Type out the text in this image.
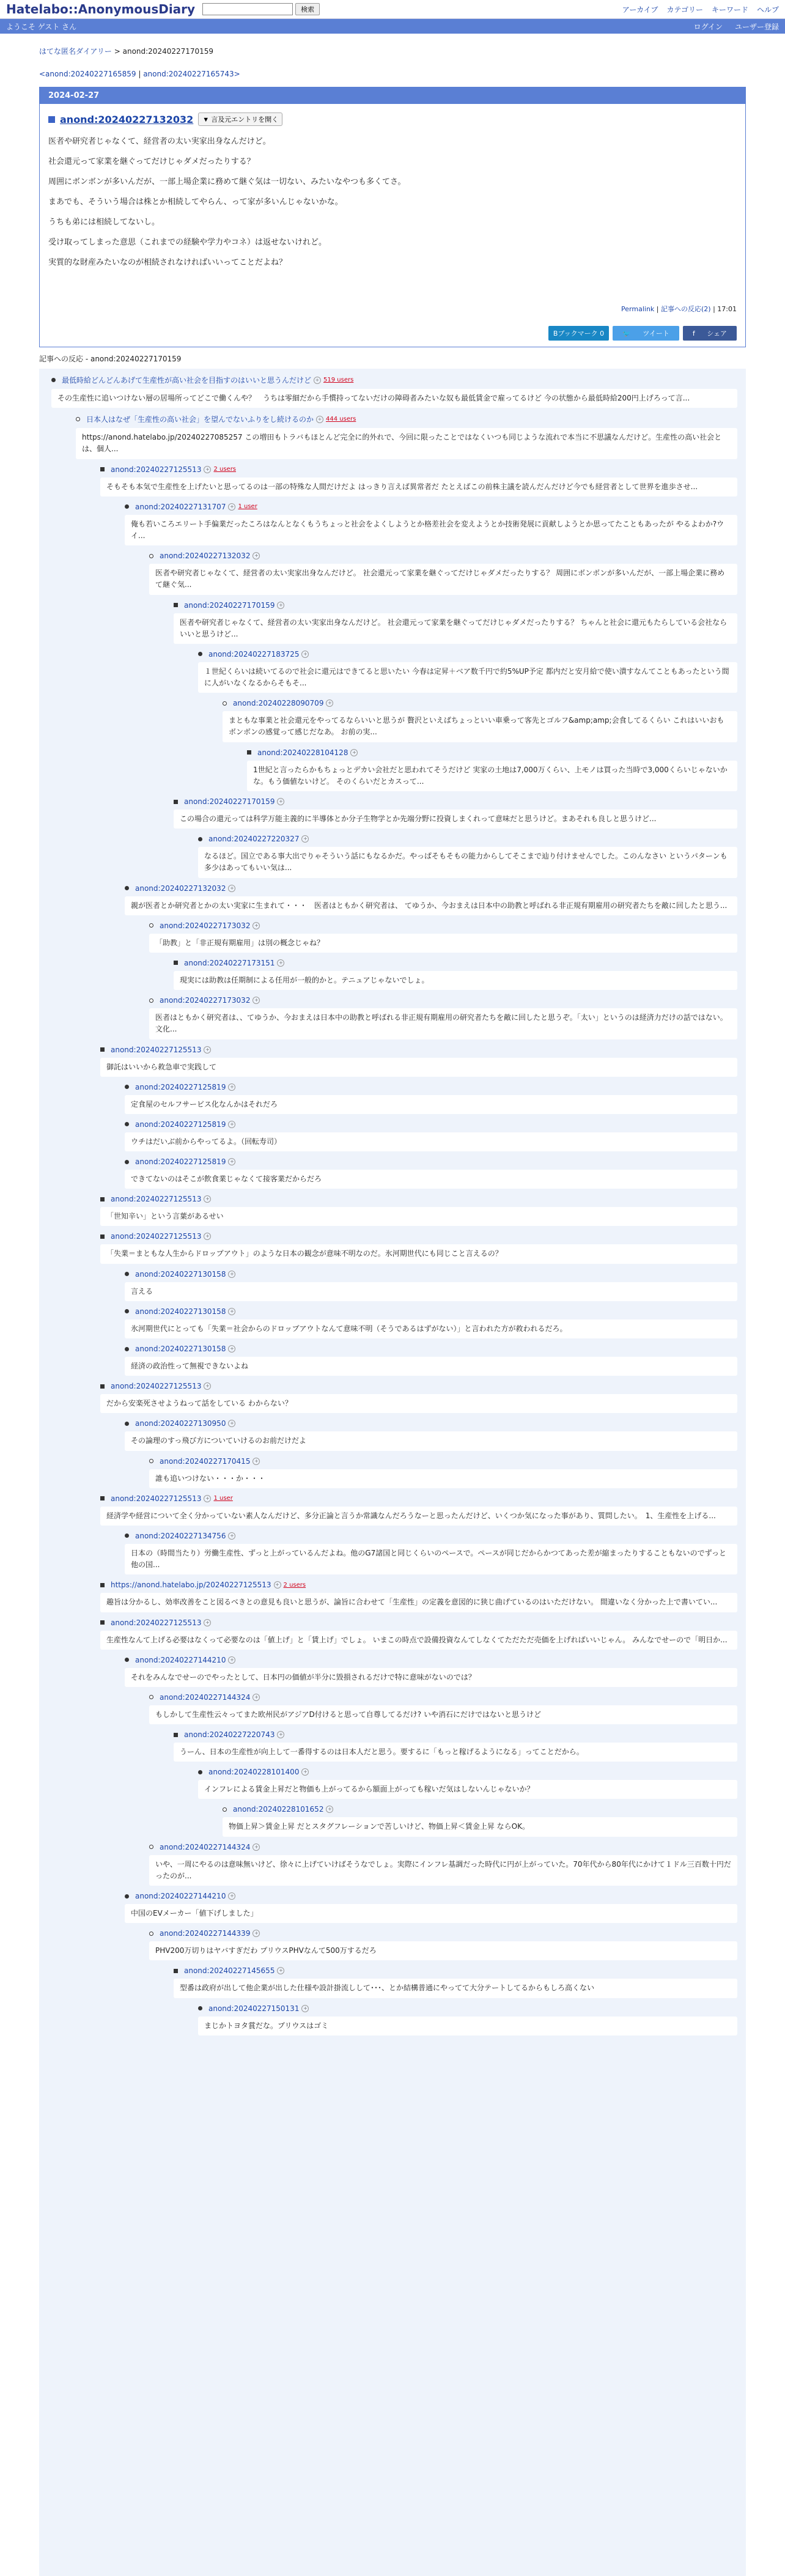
Hatelabo::AnonymousDiary	検索	アーカイブ カテゴリー キーワード ヘルプ
ようこそ ゲスト さん	ログイン ユーザー登録
はてな匿名ダイアリー > anond:20240227170159
<anond:20240227165859 | anond:20240227165743>
2024-02-27
anond:20240227132032	▼ 言及元エントリを開く

医者や研究者じゃなくて、経営者の太い実家出身なんだけど。

社会還元って家業を継ぐってだけじゃダメだったりする？

周囲にボンボンが多いんだが、一部上場企業に務めて継ぐ気は一切ない、みたいなやつも多くてさ。

まあでも、そういう場合は株とか相続してやらん、って家が多いんじゃないかな。

うちも弟には相続してないし。

受け取ってしまった意思（これまでの経験や学力やコネ）は返せないけれど。

実質的な財産みたいなのが相続されなければいいってことだよね？

Permalink | 記事への反応(2) | 17:01
Bブックマーク 0	🐦 ツイート	f シェア
記事への反応 - anond:20240227170159
最低時給どんどんあげて生産性が高い社会を目指すのはいいと思うんだけど + 519 users
その生産性に追いつけない層の居場所ってどこで働くんや？　うちは零細だから手慣持ってないだけの障碍者みたいな奴も最低賃金で雇ってるけど 今の状態から最低時給200円上げろって言...
日本人はなぜ「生産性の高い社会」を望んでないふりをし続けるのか + 444 users
https://anond.hatelabo.jp/20240227085257 この増田もトラバもほとんど完全に的外れで、今回に限ったことではなくいつも同じような流れで本当に不思議なんだけど。生産性の高い社会とは、個人...
anond:20240227125513 + 2 users
そもそも本気で生産性を上げたいと思ってるのは一部の特殊な人間だけだよ はっきり言えば異常者だ たとえばこの前株主議を読んだんだけど今でも経営者として世界を進歩させ...
anond:20240227131707 + 1 user
俺も若いころエリート手偏業だったころはなんとなくもうちょっと社会をよくしようとか格差社会を変えようとか技術発展に貢献しようとか思ってたこともあったが やるよわか?ウイ...
anond:20240227132032 +
医者や研究者じゃなくて、経営者の太い実家出身なんだけど。 社会還元って家業を継ぐってだけじゃダメだったりする？ 周囲にボンボンが多いんだが、一部上場企業に務めて継ぐ気...
anond:20240227170159 +
医者や研究者じゃなくて、経営者の太い実家出身なんだけど。 社会還元って家業を継ぐってだけじゃダメだったりする？ ちゃんと社会に還元もたらしている会社ならいいと思うけど...
anond:20240227183725 +
１世紀くらいは続いてるので社会に還元はできてると思いたい 今春は定昇＋ベア数千円で約5%UP予定 都内だと安月給で使い潰すなんてこともあったという間に人がいなくなるからそもそ...
anond:20240228090709 +
まともな事業と社会還元をやってるならいいと思うが 贅沢といえばちょっといい車乗って客先とゴルフ&amp;amp;会食してるくらい これはいいおもボンボンの感覚って感じだなあ。 お前の実...
anond:20240228104128 +
1世紀と言ったらかもちょっとデカい会社だと思われてそうだけど 実家の土地は7,000万くらい、上モノは買った当時で3,000くらいじゃないかな。もう価値ないけど。 そのくらいだとカスって...
anond:20240227170159 +
この場合の還元っては科学万能主義的に半導体とか分子生物学とか先端分野に投資しまくれって意味だと思うけど。まあそれも良しと思うけど...
anond:20240227220327 +
なるほど。国立である事大出でりゃそういう話にもなるかだ。やっぱそもそもの能力からしてそこまで辿り付けませんでした。このんなさい というパターンも多少はあってもいい気は...
anond:20240227132032 +
親が医者とか研究者とかの太い実家に生まれて・・・　医者はともかく研究者は、 てゆうか、今おまえは日本中の助教と呼ばれる非正規有期雇用の研究者たちを敵に回したと思う...
anond:20240227173032 +
「助教」と「非正規有期雇用」は別の概念じゃね？
anond:20240227173151 +
現実には助教は任期制による任用が一般的かと。テニュアじゃないでしょ。
anond:20240227173032 +
医者はともかく研究者は、、てゆうか、今おまえは日本中の助教と呼ばれる非正規有期雇用の研究者たちを敵に回したと思うぞ。「太い」というのは経済力だけの話ではない。文化...
anond:20240227125513 +
御託はいいから救急車で実践して
anond:20240227125819 +
定食屋のセルフサービス化なんかはそれだろ
anond:20240227125819 +
ウチはだいぶ前からやってるよ。（回転寿司）
anond:20240227125819 +
できてないのはそこが飲食業じゃなくて接客業だからだろ
anond:20240227125513 +
「世知辛い」という言葉があるせい
anond:20240227125513 +
「失業＝まともな人生からドロップアウト」のような日本の観念が意味不明なのだ。氷河期世代にも同じこと言えるの？
anond:20240227130158 +
言える
anond:20240227130158 +
氷河期世代にとっても「失業＝社会からのドロップアウトなんて意味不明（そうであるはずがない）」と言われた方が救われるだろ。
anond:20240227130158 +
経済の政治性って無視できないよね
anond:20240227125513 +
だから安楽死させようねって話をしている わからない？
anond:20240227130950 +
その論理のすっ飛び方についていけるのお前だけだよ
anond:20240227170415 +
誰も追いつけない・・・か・・・
anond:20240227125513 + 1 user
経済学や経営について全く分かっていない素人なんだけど、多分正論と言うか常識なんだろうなーと思ったんだけど、いくつか気になった事があり、質問したい。　1、生産性を上げる...
anond:20240227134756 +
日本の（時間当たり）労働生産性、ずっと上がっているんだよね。他のG7諸国と同じくらいのペースで。ペースが同じだからかつてあった差が縮まったりすることもないのでずっと他の国...
https://anond.hatelabo.jp/20240227125513 + 2 users
趣旨は分かるし、効率改善をこと図るべきとの意見も良いと思うが、論旨に合わせて「生産性」の定義を意図的に狭じ曲げているのはいただけない。 間違いなく分かった上で書いてい...
anond:20240227125513 +
生産性なんて上げる必要はなくって必要なのは「値上げ」と「賃上げ」でしょ。 いまこの時点で設備投資なんてしなくてただただ売価を上げればいいじゃん。 みんなでせーので「明日か...
anond:20240227144210 +
それをみんなでせーのでやったとして、日本円の価値が半分に毀損されるだけで特に意味がないのでは？
anond:20240227144324 +
もしかして生産性云々ってまた欧州民がアジアD付けると思って自尊してるだけ? いや消石にだけではないと思うけど
anond:20240227220743 +
うーん、日本の生産性が向上して一番得するのは日本人だと思う。要するに「もっと稼げるようになる」ってことだから。
anond:20240228101400 +
インフレによる賃金上昇だと物価も上がってるから額面上がっても稼いだ気はしないんじゃないか？
anond:20240228101652 +
物価上昇＞賃金上昇 だとスタグフレーションで苦しいけど、物価上昇＜賃金上昇 ならOK。
anond:20240227144324 +
いや、一周にやるのは意味無いけど、徐々に上げていけばそうなでしょ。実際にインフレ基調だった時代に円が上がっていた。70年代から80年代にかけて１ドル三百数十円だったのが...
anond:20240227144210 +
中国のEVメーカー「値下げしました」
anond:20240227144339 +
PHV200万切りはヤバすぎだわ プリウスPHVなんて500万するだろ
anond:20240227145655 +
型番は政府が出して他企業が出した仕様や設計掛流しして･･･、とか結構普通にやってて大分テートしてるからもしろ高くない
anond:20240227150131 +
まじかトヨタ賞だな。プリウスはゴミ
